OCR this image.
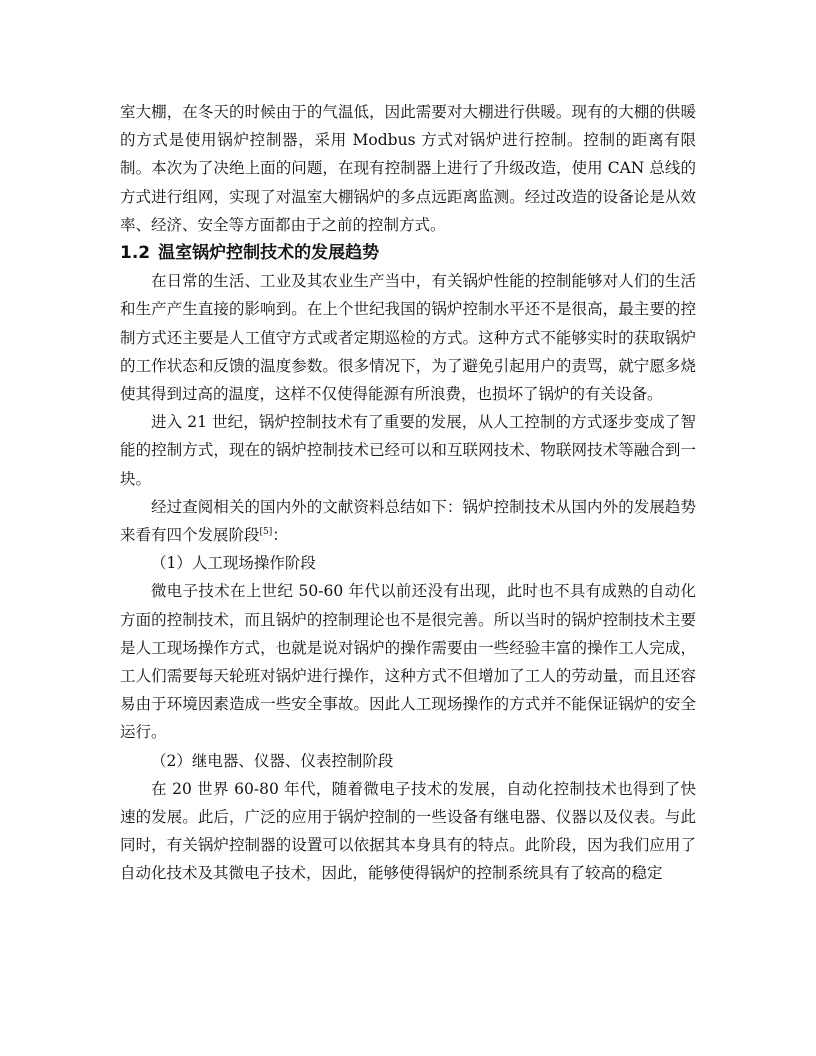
室大棚，在冬天的时候由于的气温低，因此需要对大棚进行供暖。现有的大棚的供暖的方式是使用锅炉控制器，采用 Modbus 方式对锅炉进行控制。控制的距离有限制。本次为了决绝上面的问题，在现有控制器上进行了升级改造，使用 CAN 总线的方式进行组网，实现了对温室大棚锅炉的多点远距离监测。经过改造的设备论是从效率、经济、安全等方面都由于之前的控制方式。

1.2 温室锅炉控制技术的发展趋势

在日常的生活、工业及其农业生产当中，有关锅炉性能的控制能够对人们的生活和生产产生直接的影响到。在上个世纪我国的锅炉控制水平还不是很高，最主要的控制方式还主要是人工值守方式或者定期巡检的方式。这种方式不能够实时的获取锅炉的工作状态和反馈的温度参数。很多情况下，为了避免引起用户的责骂，就宁愿多烧使其得到过高的温度，这样不仅使得能源有所浪费，也损坏了锅炉的有关设备。

进入 21 世纪，锅炉控制技术有了重要的发展，从人工控制的方式逐步变成了智能的控制方式，现在的锅炉控制技术已经可以和互联网技术、物联网技术等融合到一块。

经过查阅相关的国内外的文献资料总结如下：锅炉控制技术从国内外的发展趋势来看有四个发展阶段[5]：

（1）人工现场操作阶段

微电子技术在上世纪 50-60 年代以前还没有出现，此时也不具有成熟的自动化方面的控制技术，而且锅炉的控制理论也不是很完善。所以当时的锅炉控制技术主要是人工现场操作方式，也就是说对锅炉的操作需要由一些经验丰富的操作工人完成，工人们需要每天轮班对锅炉进行操作，这种方式不但增加了工人的劳动量，而且还容易由于环境因素造成一些安全事故。因此人工现场操作的方式并不能保证锅炉的安全运行。

（2）继电器、仪器、仪表控制阶段

在 20 世界 60-80 年代，随着微电子技术的发展，自动化控制技术也得到了快速的发展。此后，广泛的应用于锅炉控制的一些设备有继电器、仪器以及仪表。与此同时，有关锅炉控制器的设置可以依据其本身具有的特点。此阶段，因为我们应用了自动化技术及其微电子技术，因此，能够使得锅炉的控制系统具有了较高的稳定
